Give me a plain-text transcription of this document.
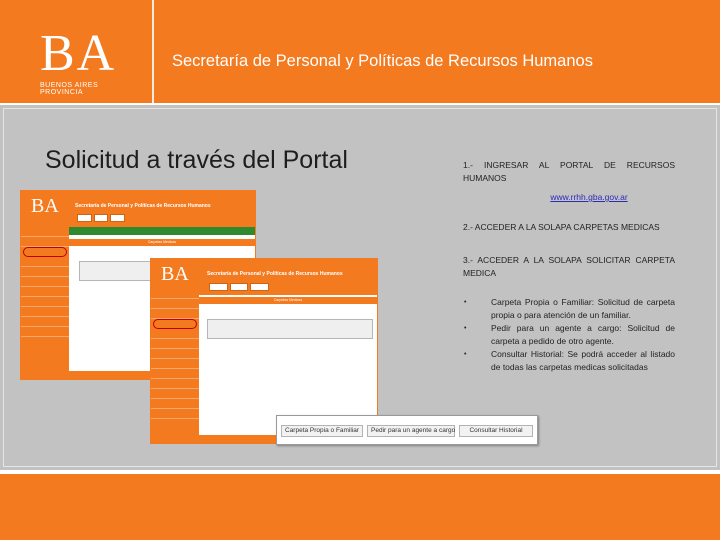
BA
BUENOS AIRES PROVINCIA
Secretaría de Personal y Políticas de Recursos Humanos
Solicitud a través del Portal
BA	Secretaría de Personal y Políticas de Recursos Humanos
Carpetas Medicas
BA	Secretaría de Personal y Políticas de Recursos Humanos
Carpetas Medicas

1.- INGRESAR AL PORTAL DE RECURSOS HUMANOS

www.rrhh.gba.gov.ar

2.- ACCEDER A LA SOLAPA CARPETAS MEDICAS

3.- ACCEDER A LA SOLAPA SOLICITAR CARPETA MEDICA

• Carpeta Propia o Familiar: Solicitud de carpeta propia o para atención de un familiar.
• Pedir para un agente a cargo: Solicitud de carpeta a pedido de otro agente.
• Consultar Historial: Se podrá acceder al listado de todas las carpetas medicas solicitadas
Carpeta Propia o Familiar	Pedir para un agente a cargo	Consultar Historial
